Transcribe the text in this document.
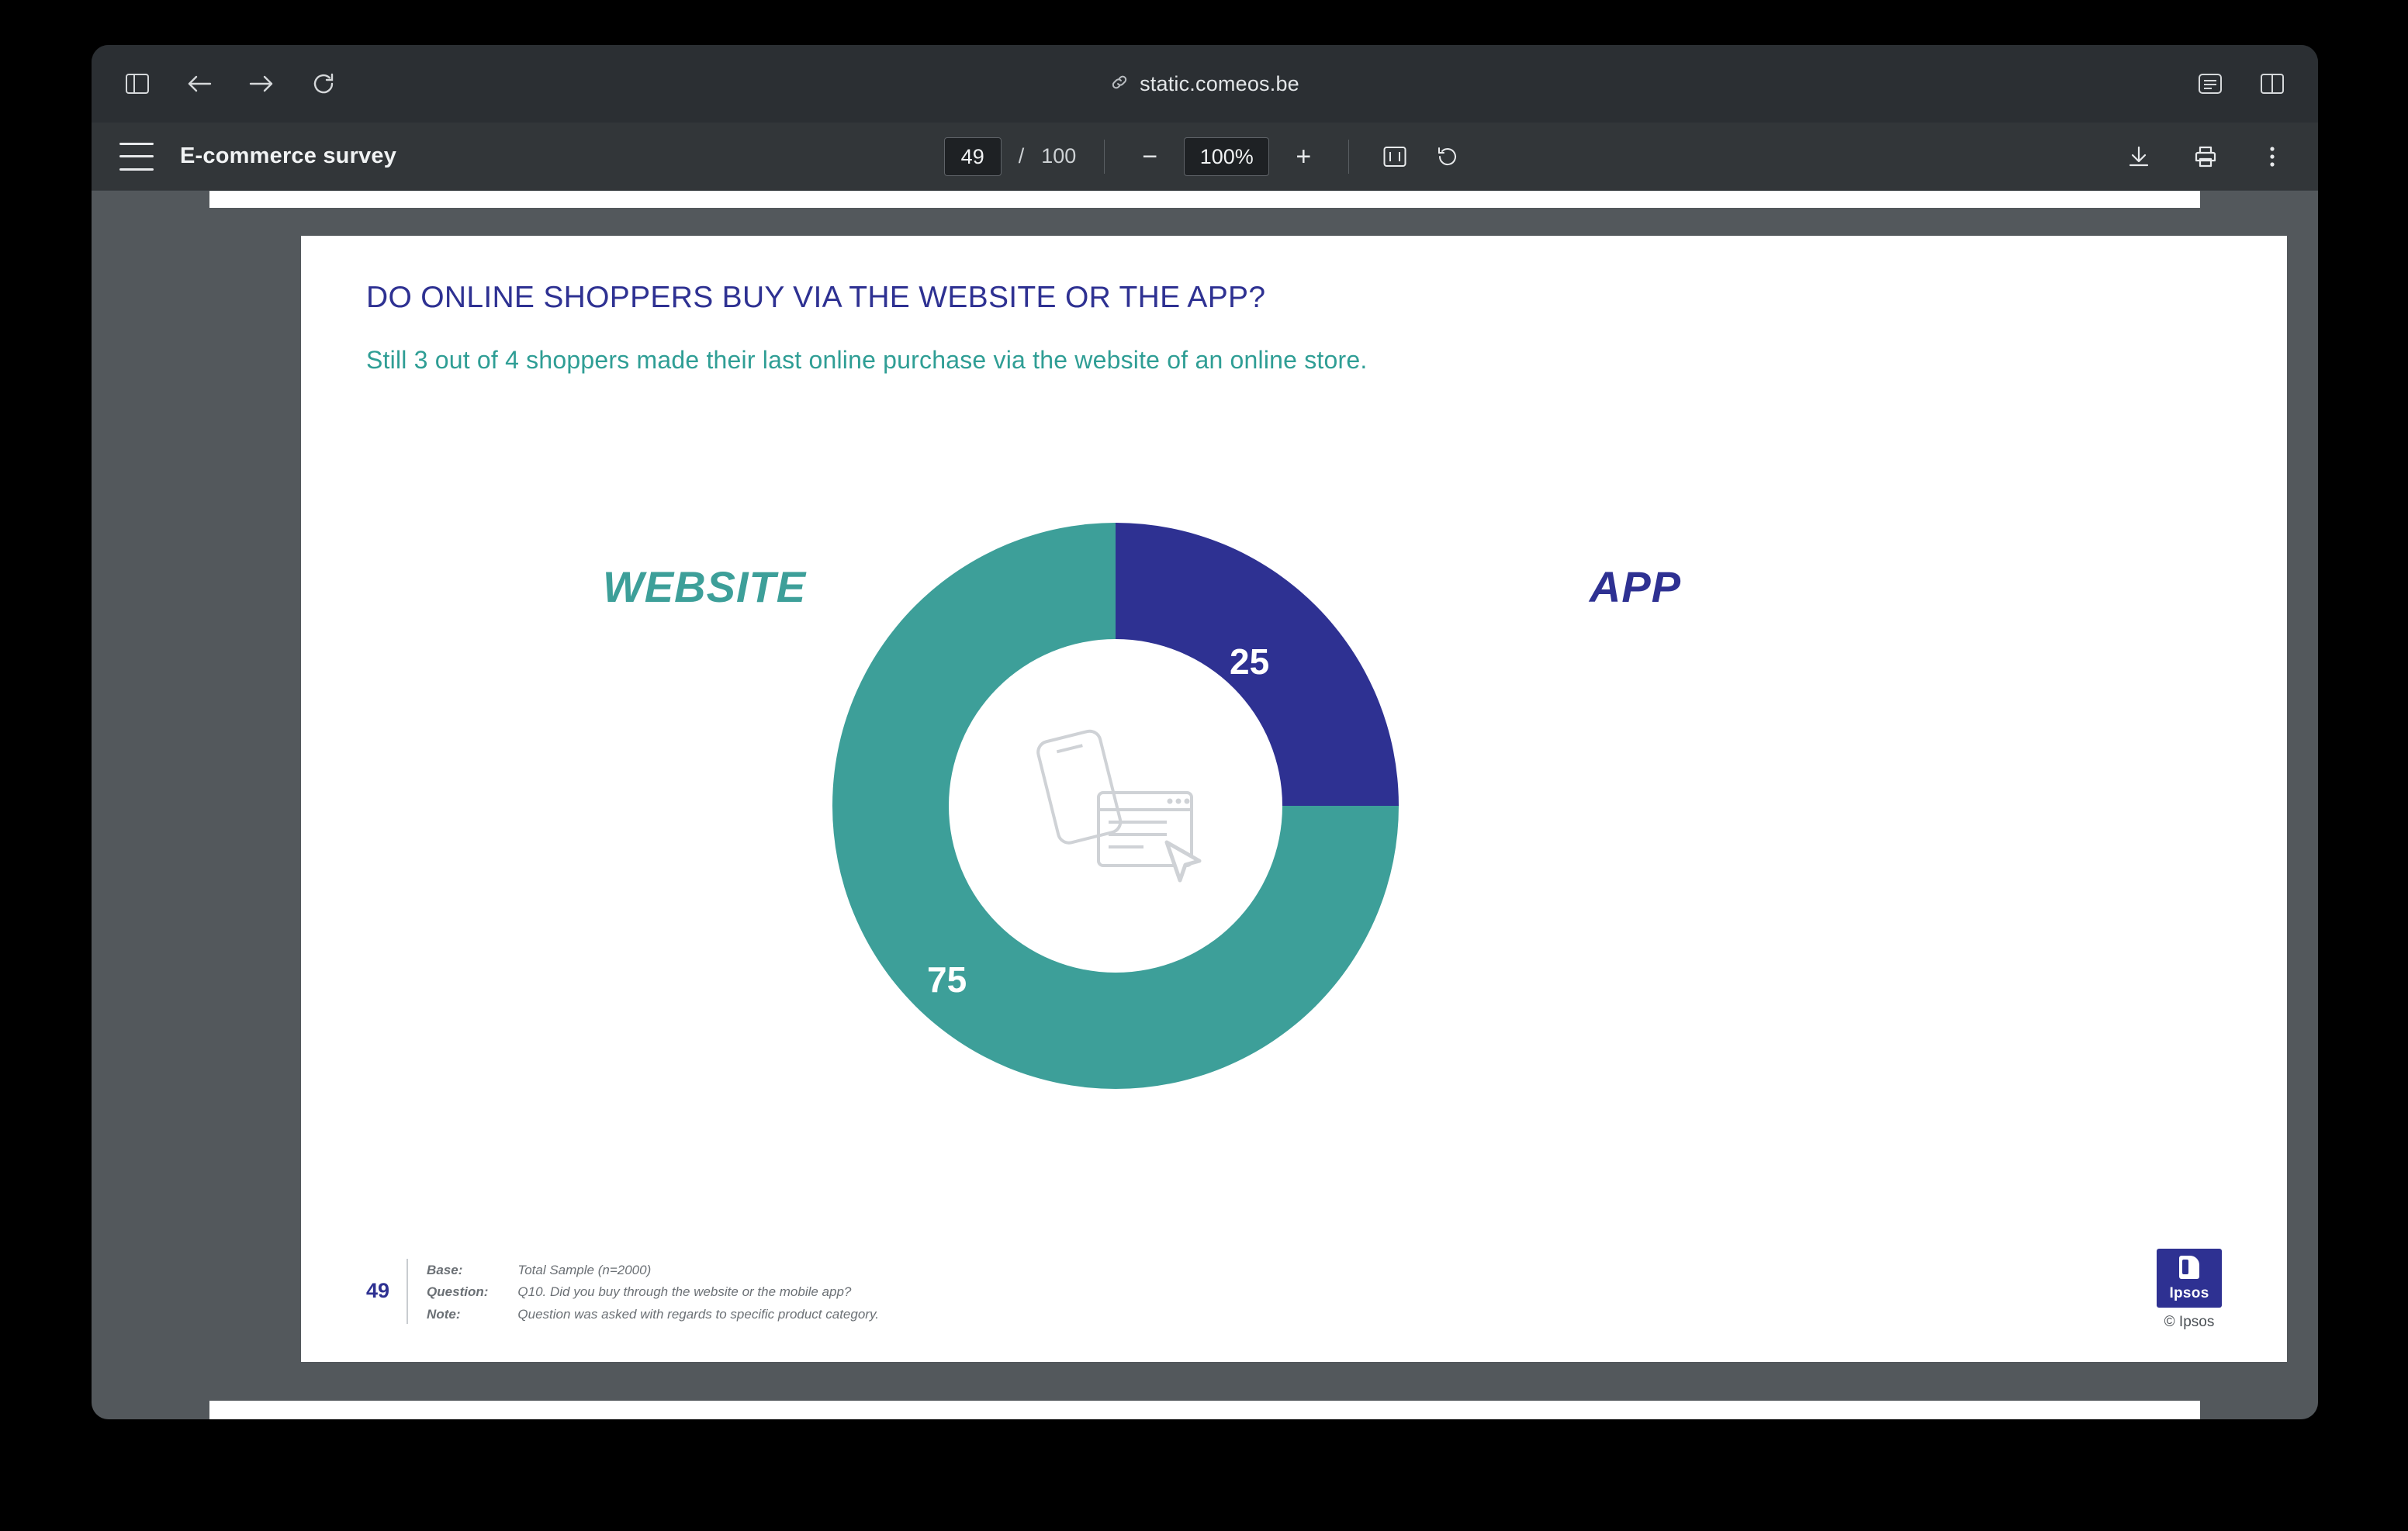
static.comeos.be
E-commerce survey	49	/ 100	−	100%	+
DO ONLINE SHOPPERS BUY VIA THE WEBSITE OR THE APP?
Still 3 out of 4 shoppers made their last online purchase via the website of an online store.
WEBSITE	APP
25
75
49
Base:	Total Sample (n=2000)
Question:	Q10. Did you buy through the website or the mobile app?
Note:	Question was asked with regards to specific product category.
Ipsos
© Ipsos
